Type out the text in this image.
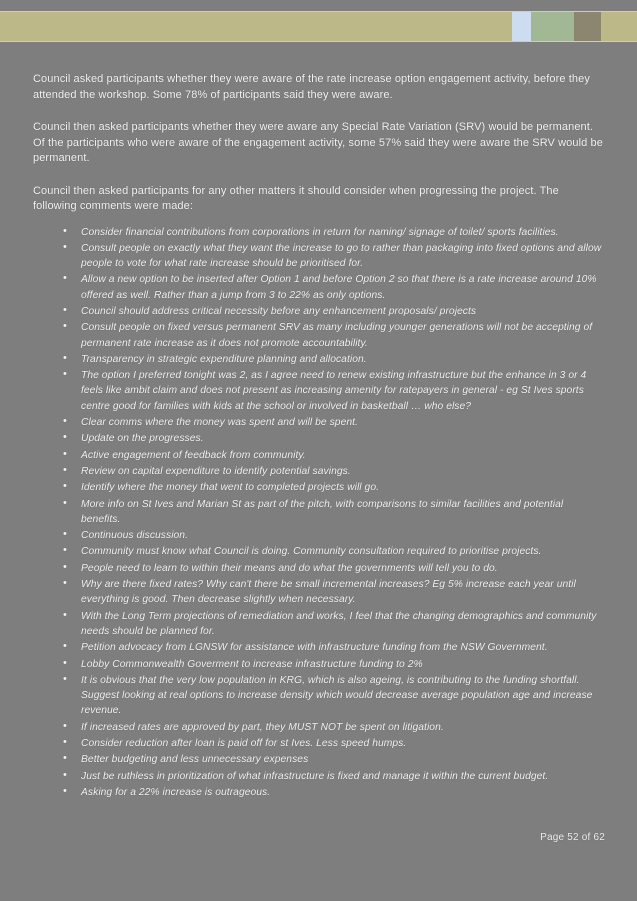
Council asked participants whether they were aware of the rate increase option engagement activity, before they attended the workshop. Some 78% of participants said they were aware.

Council then asked participants whether they were aware any Special Rate Variation (SRV) would be permanent. Of the participants who were aware of the engagement activity, some 57% said they were aware the SRV would be permanent.

Council then asked participants for any other matters it should consider when progressing the project. The following comments were made:

• Consider financial contributions from corporations in return for naming/ signage of toilet/ sports facilities.
• Consult people on exactly what they want the increase to go to rather than packaging into fixed options and allow people to vote for what rate increase should be prioritised for.
• Allow a new option to be inserted after Option 1 and before Option 2 so that there is a rate increase around 10% offered as well. Rather than a jump from 3 to 22% as only options.
• Council should address critical necessity before any enhancement proposals/ projects
• Consult people on fixed versus permanent SRV as many including younger generations will not be accepting of permanent rate increase as it does not promote accountability.
• Transparency in strategic expenditure planning and allocation.
• The option I preferred tonight was 2, as I agree need to renew existing infrastructure but the enhance in 3 or 4 feels like ambit claim and does not present as increasing amenity for ratepayers in general - eg St Ives sports centre good for families with kids at the school or involved in basketball … who else?
• Clear comms where the money was spent and will be spent.
• Update on the progresses.
• Active engagement of feedback from community.
• Review on capital expenditure to identify potential savings.
• Identify where the money that went to completed projects will go.
• More info on St Ives and Marian St as part of the pitch, with comparisons to similar facilities and potential benefits.
• Continuous discussion.
• Community must know what Council is doing. Community consultation required to prioritise projects.
• People need to learn to within their means and do what the governments will tell you to do.
• Why are there fixed rates? Why can't there be small incremental increases? Eg 5% increase each year until everything is good. Then decrease slightly when necessary.
• With the Long Term projections of remediation and works, I feel that the changing demographics and community needs should be planned for.
• Petition advocacy from LGNSW for assistance with infrastructure funding from the NSW Government.
• Lobby Commonwealth Goverment to increase infrastructure funding to 2%
• It is obvious that the very low population in KRG, which is also ageing, is contributing to the funding shortfall. Suggest looking at real options to increase density which would decrease average population age and increase revenue.
• If increased rates are approved by part, they MUST NOT be spent on litigation.
• Consider reduction after loan is paid off for st Ives. Less speed humps.
• Better budgeting and less unnecessary expenses
• Just be ruthless in prioritization of what infrastructure is fixed and manage it within the current budget.
• Asking for a 22% increase is outrageous.
Page 52 of 62
